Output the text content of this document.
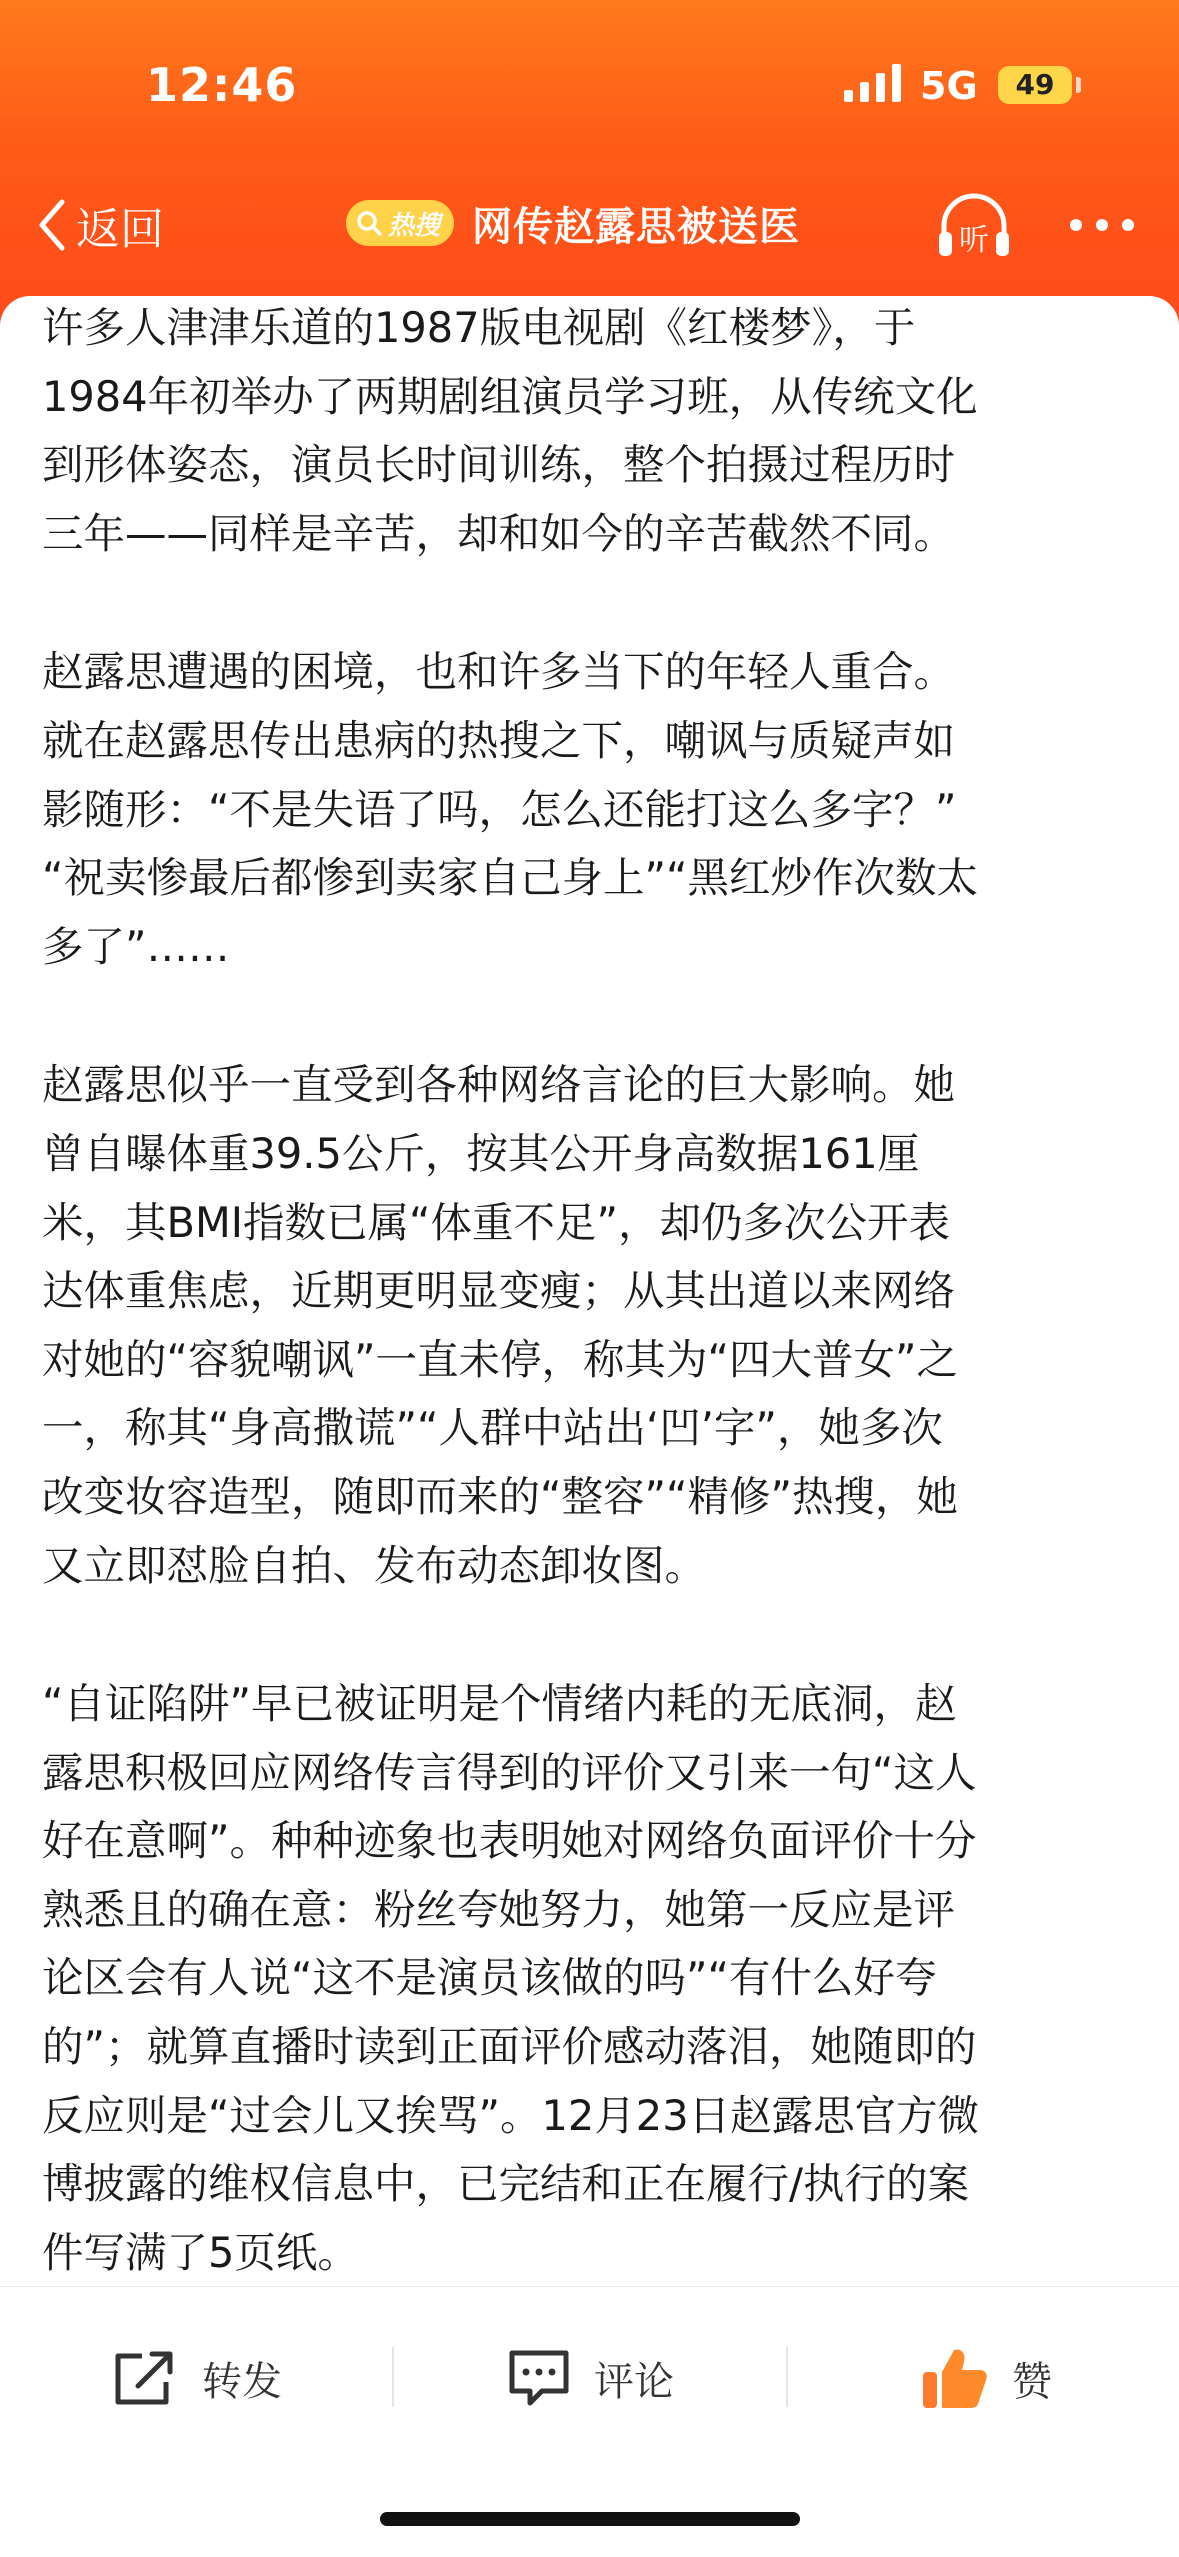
12:46	5G	49
返回	热搜 网传赵露思被送医	听

许多人津津乐道的1987版电视剧《红楼梦》，于
1984年初举办了两期剧组演员学习班，从传统文化
到形体姿态，演员长时间训练，整个拍摄过程历时
三年——同样是辛苦，却和如今的辛苦截然不同。

赵露思遭遇的困境，也和许多当下的年轻人重合。
就在赵露思传出患病的热搜之下，嘲讽与质疑声如
影随形：“不是失语了吗，怎么还能打这么多字？”
“祝卖惨最后都惨到卖家自己身上”“黑红炒作次数太
多了”……

赵露思似乎一直受到各种网络言论的巨大影响。她
曾自曝体重39.5公斤，按其公开身高数据161厘
米，其BMI指数已属“体重不足”，却仍多次公开表
达体重焦虑，近期更明显变瘦；从其出道以来网络
对她的“容貌嘲讽”一直未停，称其为“四大普女”之
一，称其“身高撒谎”“人群中站出‘凹’字”，她多次
改变妆容造型，随即而来的“整容”“精修”热搜，她
又立即怼脸自拍、发布动态卸妆图。

“自证陷阱”早已被证明是个情绪内耗的无底洞，赵
露思积极回应网络传言得到的评价又引来一句“这人
好在意啊”。种种迹象也表明她对网络负面评价十分
熟悉且的确在意：粉丝夸她努力，她第一反应是评
论区会有人说“这不是演员该做的吗”“有什么好夸
的”；就算直播时读到正面评价感动落泪，她随即的
反应则是“过会儿又挨骂”。12月23日赵露思官方微
博披露的维权信息中，已完结和正在履行/执行的案
件写满了5页纸。

转发	评论	赞
